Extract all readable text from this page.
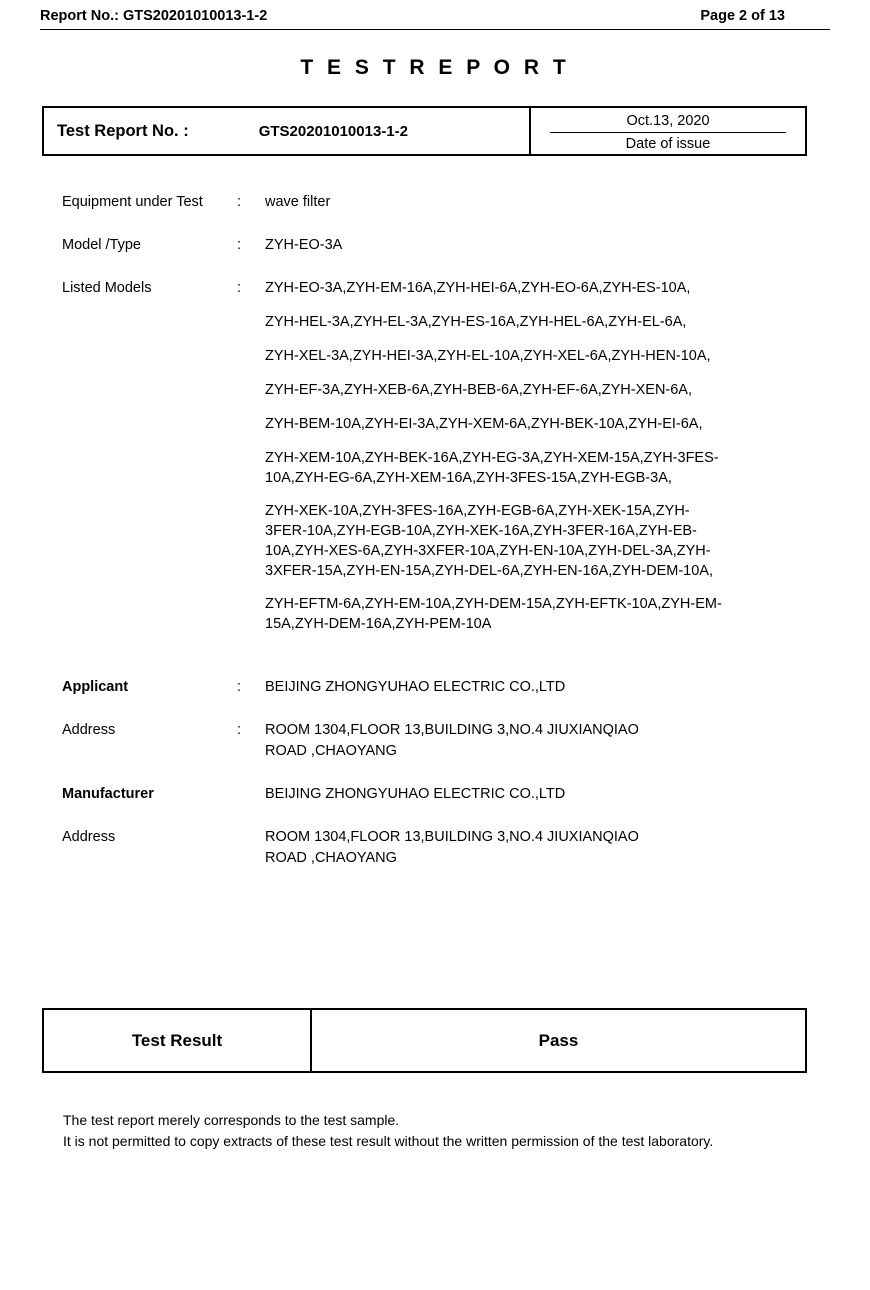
Report No.: GTS20201010013-1-2	Page 2 of 13
T E S T R E P O R T
Test Report No. :	GTS20201010013-1-2
Oct.13, 2020
Date of issue
Equipment under Test	:	wave filter
Model /Type	:	ZYH-EO-3A
Listed Models	:	ZYH-EO-3A,ZYH-EM-16A,ZYH-HEI-6A,ZYH-EO-6A,ZYH-ES-10A,
ZYH-HEL-3A,ZYH-EL-3A,ZYH-ES-16A,ZYH-HEL-6A,ZYH-EL-6A,
ZYH-XEL-3A,ZYH-HEI-3A,ZYH-EL-10A,ZYH-XEL-6A,ZYH-HEN-10A,
ZYH-EF-3A,ZYH-XEB-6A,ZYH-BEB-6A,ZYH-EF-6A,ZYH-XEN-6A,
ZYH-BEM-10A,ZYH-EI-3A,ZYH-XEM-6A,ZYH-BEK-10A,ZYH-EI-6A,
ZYH-XEM-10A,ZYH-BEK-16A,ZYH-EG-3A,ZYH-XEM-15A,ZYH-3FES-
10A,ZYH-EG-6A,ZYH-XEM-16A,ZYH-3FES-15A,ZYH-EGB-3A,
ZYH-XEK-10A,ZYH-3FES-16A,ZYH-EGB-6A,ZYH-XEK-15A,ZYH-
3FER-10A,ZYH-EGB-10A,ZYH-XEK-16A,ZYH-3FER-16A,ZYH-EB-
10A,ZYH-XES-6A,ZYH-3XFER-10A,ZYH-EN-10A,ZYH-DEL-3A,ZYH-
3XFER-15A,ZYH-EN-15A,ZYH-DEL-6A,ZYH-EN-16A,ZYH-DEM-10A,
ZYH-EFTM-6A,ZYH-EM-10A,ZYH-DEM-15A,ZYH-EFTK-10A,ZYH-EM-
15A,ZYH-DEM-16A,ZYH-PEM-10A
Applicant	:	BEIJING ZHONGYUHAO ELECTRIC CO.,LTD
Address	:	ROOM 1304,FLOOR 13,BUILDING 3,NO.4 JIUXIANQIAO
ROAD ,CHAOYANG
Manufacturer	BEIJING ZHONGYUHAO ELECTRIC CO.,LTD
Address	ROOM 1304,FLOOR 13,BUILDING 3,NO.4 JIUXIANQIAO
ROAD ,CHAOYANG
Test Result	Pass
The test report merely corresponds to the test sample.
It is not permitted to copy extracts of these test result without the written permission of the test laboratory.
